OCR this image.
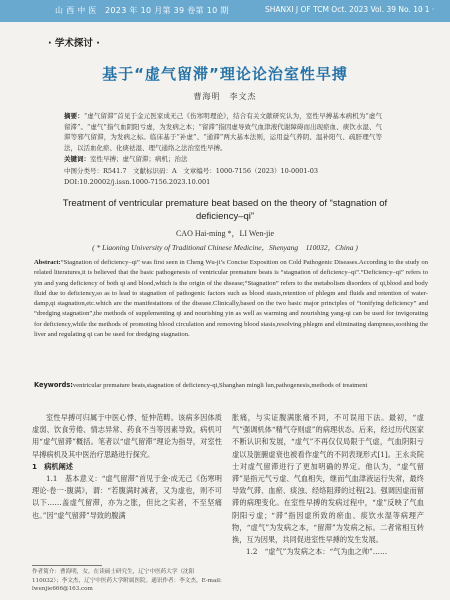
山 西 中 医　2023 年 10 月第 39 卷第 10 期	SHANXI J OF TCM Oct. 2023 Vol. 39 No. 10
· 1 ·
· 学术探讨 ·
基于“虚气留滞”理论论治室性早搏
曹海明　李文杰
摘要：“虚气留滞”首见于金元医家成无己《伤寒明理论》，结合有关文献研究认为，室性早搏基本病机为“虚气留滞”。“虚气”指气血阴阳亏虚，为发病之本；“留滞”指因虚导致气血津液代谢障碍而出现瘀血、痰饮水湿、气滞等邪气留滞，为发病之标。临床基于“补虚”、“通滞”两大基本法则，运用益气养阴、温补阳气、疏肝理气等法，以活血化瘀、化痰祛湿、理气通络之法治室性早搏。
关键词：室性早搏；虚气留滞；病机；治法
中图分类号：R541.7　文献标识码：A　文章编号：1000-7156（2023）10-0001-03
DOI:10.20002/j.issn.1000-7156.2023.10.001
Treatment of ventricular premature beat based on the theory of “stagnation of deficiency–qi”
CAO Hai-ming *，LI Wen-jie
( * Liaoning University of Traditional Chinese Medicine，Shenyang　110032，China )
Abstract:“Stagnation of deficiency–qi” was first seen in Cheng Wu-ji’s Concise Exposition on Cold Pathogenic Diseases.According to the study on related literatures,it is believed that the basic pathogenesis of ventricular premature beats is “stagnation of deficiency–qi”.“Deficiency–qi” refers to yin and yang deficiency of both qi and blood,which is the origin of the disease;“Stagnation” refers to the metabolism disorders of qi,blood and body fluid due to deficiency,so as to lead to stagnation of pathogenic factors such as blood stasis,retention of phlegm and fluids and retention of water-damp,qi stagnation,etc.which are the manifestations of the disease.Clinically,based on the two basic major principles of “tonifying deficiency” and “dredging stagnation”,the methods of supplementing qi and nourishing yin as well as warming and nourishing yang-qi can be used for invigorating for deficiency,while the methods of promoting blood circulation and removing blood stasis,resolving phlegm and eliminating dampness,soothing the liver and regulating qi can be used for dredging stagnation.
Keywords:ventricular premature beats,stagnation of deficiency-qi,Shanghan mingli lun,pathogenesis,methods of treatment

室性早搏可归属于中医心悸、怔忡范畴。该病多因体质虚弱、饮食劳倦、情志异常、药食不当等因素导致，病机可用“虚气留滞”概括。笔者以“虚气留滞”理论为指导，对室性早搏病机及其中医治疗思路进行探究。

1　病机阐述

1.1　基本意义：“虚气留滞”首见于金·成无己《伤寒明理论·卷一·腹满》，谓：“若腹满时减者，又为虚也，则不可以下……盖虚气留滞，亦为之胀，但比之实者，不至坚痛也。”因“虚气留滞”导致的腹满

胀痛，与实证腹满胀痛不同，不可误用下法。最初，“虚气”强调机体“精气夺则虚”的病理状态。后来，经过历代医家不断认识和发展，“虚气”不再仅仅局限于气虚，气血阴阳亏虚以及脏腑虚衰也被看作虚气的不同表现形式[1]。王永炎院士对虚气留滞进行了更加明确的界定。他认为，“虚气留滞”是指元气亏虚、气血相失，继而气血津液运行失常，最终导致气滞、血瘀、痰浊、经络阻滞的过程[2]。强调因虚而留滞的病理变化。在室性早搏的发病过程中，“虚”反映了气血阴阳亏虚；“滞”指因虚所致的瘀血、痰饮水湿等病理产物，“虚气”为发病之本，“留滞”为发病之标。二者常相互转换，互为因果，共同促进室性早搏的发生发展。

1.2　“虚气”为发病之本：“气为血之帅”……

作者简介：曹海明，女，在读硕士研究生，辽宁中医药大学（沈阳 110032）；李文杰，辽宁中医药大学附属医院。通讯作者：李文杰，E-mail: lwenjie666@163.com
